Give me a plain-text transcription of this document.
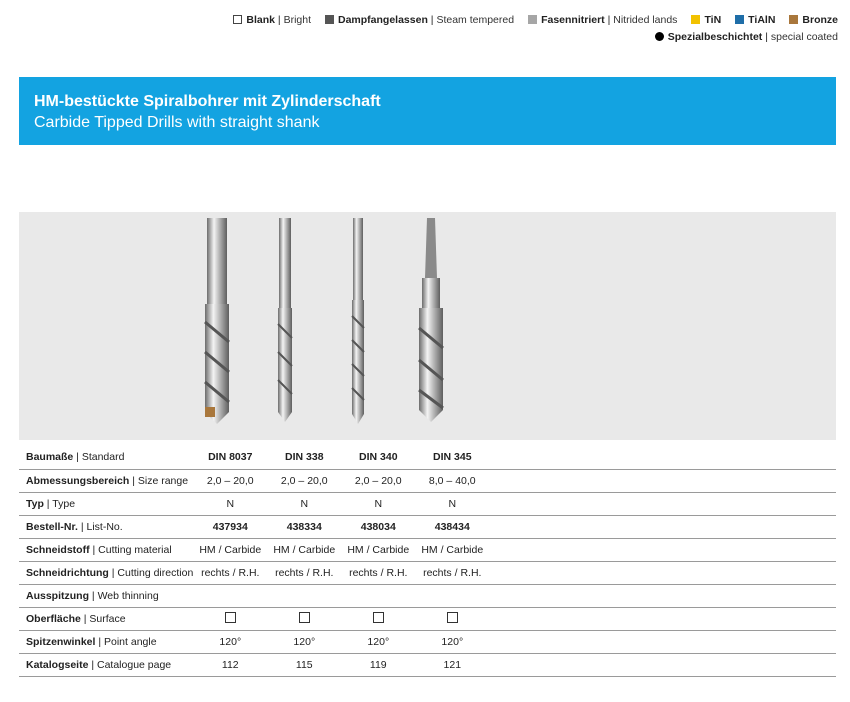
Blank | Bright	Dampfangelassen | Steam tempered	Fasennitriert | Nitrided lands	TiN	TiAlN	Bronze
Spezialbeschichtet | special coated
HM-bestückte Spiralbohrer mit Zylinderschaft
Carbide Tipped Drills with straight shank
Baumaße | Standard	DIN 8037	DIN 338	DIN 340	DIN 345	
Abmessungsbereich | Size range	2,0 – 20,0	2,0 – 20,0	2,0 – 20,0	8,0 – 40,0	
Typ | Type	N	N	N	N	
Bestell-Nr. | List-No.	437934	438334	438034	438434	
Schneidstoff | Cutting material	HM / Carbide	HM / Carbide	HM / Carbide	HM / Carbide	
Schneidrichtung | Cutting direction	rechts / R.H.	rechts / R.H.	rechts / R.H.	rechts / R.H.	
Ausspitzung | Web thinning					
Oberfläche | Surface					
Spitzenwinkel | Point angle	120°	120°	120°	120°	
Katalogseite | Catalogue page	112	115	119	121	
